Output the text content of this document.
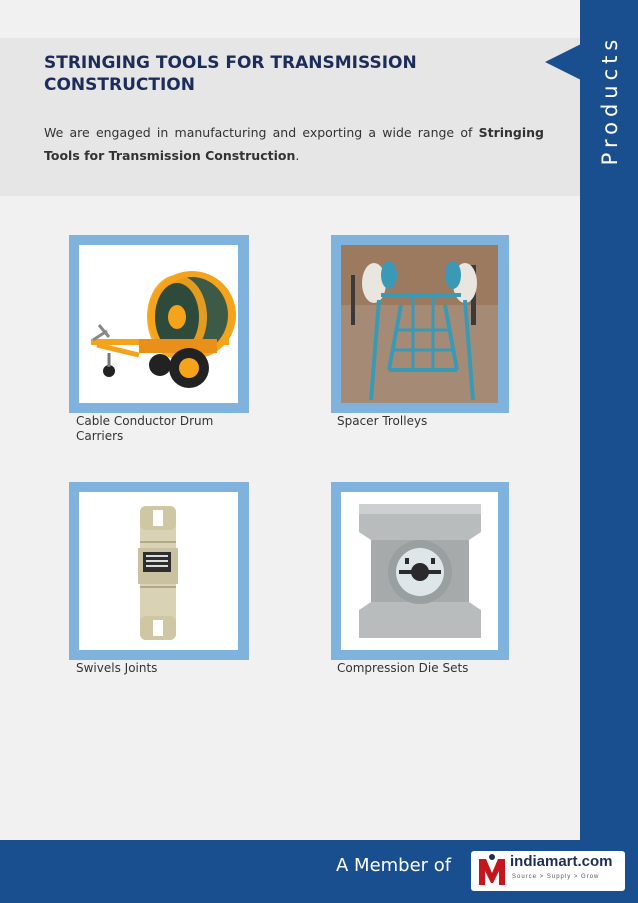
STRINGING TOOLS FOR TRANSMISSION CONSTRUCTION

We are engaged in manufacturing and exporting a wide range of Stringing Tools for Transmission Construction.	Products
Cable Conductor Drum Carriers
Spacer Trolleys
Swivels Joints	Compression Die Sets
A Member of	indiamart.com
Source > Supply > Grow
